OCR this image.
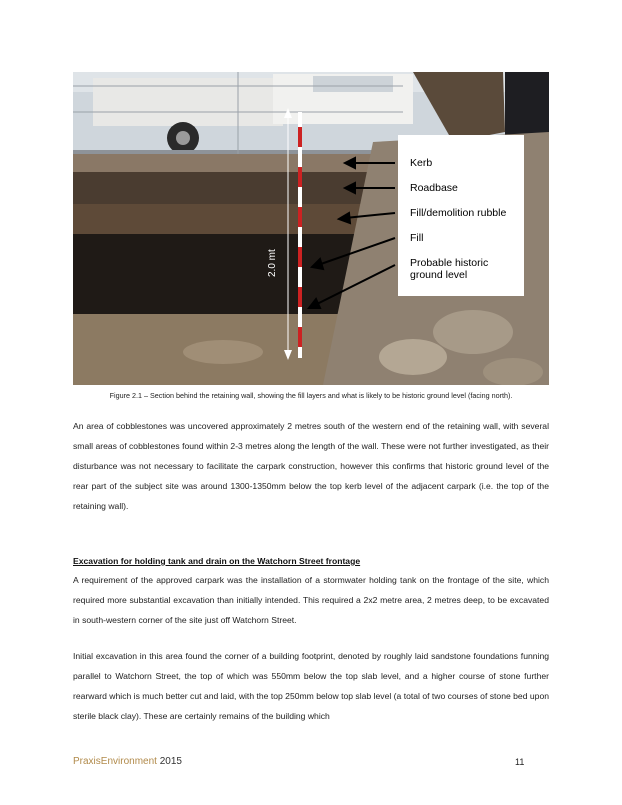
Kerb
Roadbase
Fill/demolition rubble
Fill
Probable historic ground level
2.0 mt
Figure 2.1 – Section behind the retaining wall, showing the fill layers and what is likely to be historic ground level (facing north).

An area of cobblestones was uncovered approximately 2 metres south of the western end of the retaining wall, with several small areas of cobblestones found within 2-3 metres along the length of the wall. These were not further investigated, as their disturbance was not necessary to facilitate the carpark construction, however this confirms that historic ground level of the rear part of the subject site was around 1300-1350mm below the top kerb level of the adjacent carpark (i.e. the top of the retaining wall).

Excavation for holding tank and drain on the Watchorn Street frontage

A requirement of the approved carpark was the installation of a stormwater holding tank on the frontage of the site, which required more substantial excavation than initially intended. This required a 2x2 metre area, 2 metres deep, to be excavated in south-western corner of the site just off Watchorn Street.

Initial excavation in this area found the corner of a building footprint, denoted by roughly laid sandstone foundations funning parallel to Watchorn Street, the top of which was 550mm below the top slab level, and a higher course of stone further rearward which is much better cut and laid, with the top 250mm below top slab level (a total of two courses of stone bed upon sterile black clay). These are certainly remains of the building which

PraxisEnvironment 2015	11
